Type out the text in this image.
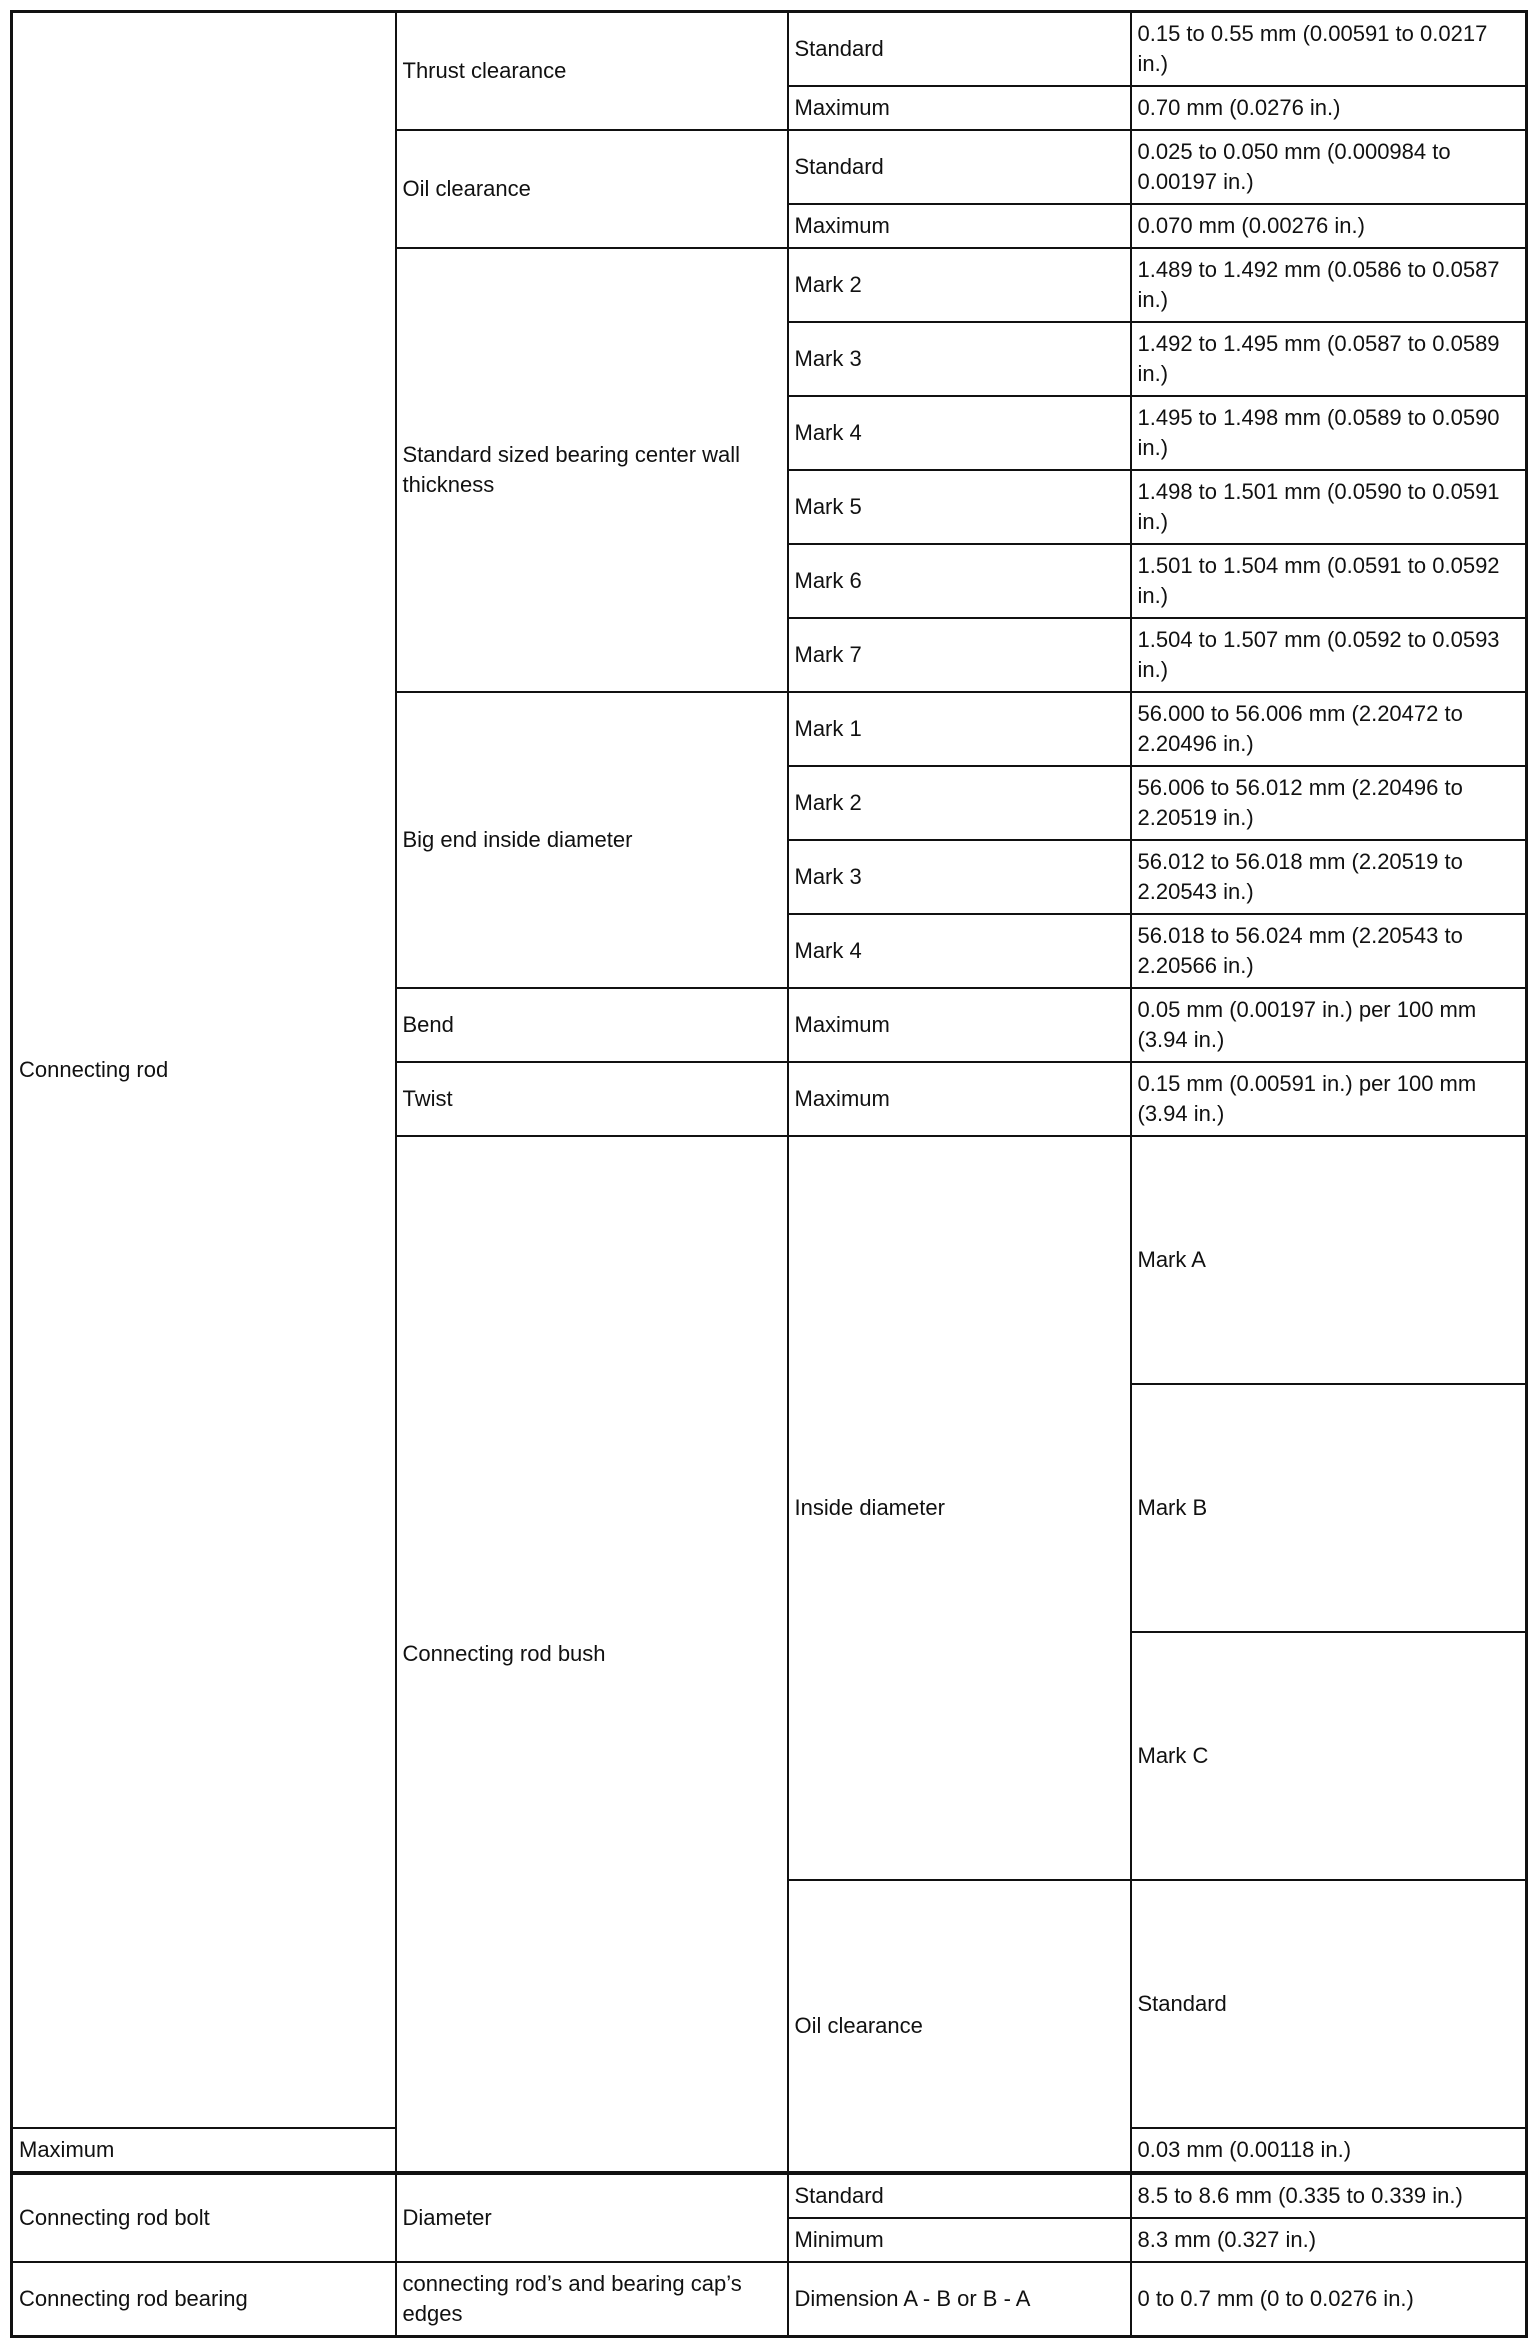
Connecting rod	Thrust clearance	Standard	0.15 to 0.55 mm (0.00591 to 0.0217 in.)	
		Maximum	0.70 mm (0.0276 in.)	
	Oil clearance	Standard	0.025 to 0.050 mm (0.000984 to 0.00197 in.)	
		Maximum	0.070 mm (0.00276 in.)	
	Standard sized bearing center wall thickness	Mark 2	1.489 to 1.492 mm (0.0586 to 0.0587 in.)	
		Mark 3	1.492 to 1.495 mm (0.0587 to 0.0589 in.)	
		Mark 4	1.495 to 1.498 mm (0.0589 to 0.0590 in.)	
		Mark 5	1.498 to 1.501 mm (0.0590 to 0.0591 in.)	
		Mark 6	1.501 to 1.504 mm (0.0591 to 0.0592 in.)	
		Mark 7	1.504 to 1.507 mm (0.0592 to 0.0593 in.)	
	Big end inside diameter	Mark 1	56.000 to 56.006 mm (2.20472 to 2.20496 in.)	
		Mark 2	56.006 to 56.012 mm (2.20496 to 2.20519 in.)	
		Mark 3	56.012 to 56.018 mm (2.20519 to 2.20543 in.)	
		Mark 4	56.018 to 56.024 mm (2.20543 to 2.20566 in.)	
	Bend	Maximum	0.05 mm (0.00197 in.) per 100 mm (3.94 in.)	
	Twist	Maximum	0.15 mm (0.00591 in.) per 100 mm (3.94 in.)	
	Connecting rod bush	Inside diameter	Mark A	
			Mark B	
			Mark C	
		Oil clearance	Standard	
Maximum			0.03 mm (0.00118 in.)	
Connecting rod bolt	Diameter	Standard	8.5 to 8.6 mm (0.335 to 0.339 in.)	
		Minimum	8.3 mm (0.327 in.)	
Connecting rod bearing	connecting rod’s and bearing cap’s edges	Dimension A - B or B - A	0 to 0.7 mm (0 to 0.0276 in.)	
